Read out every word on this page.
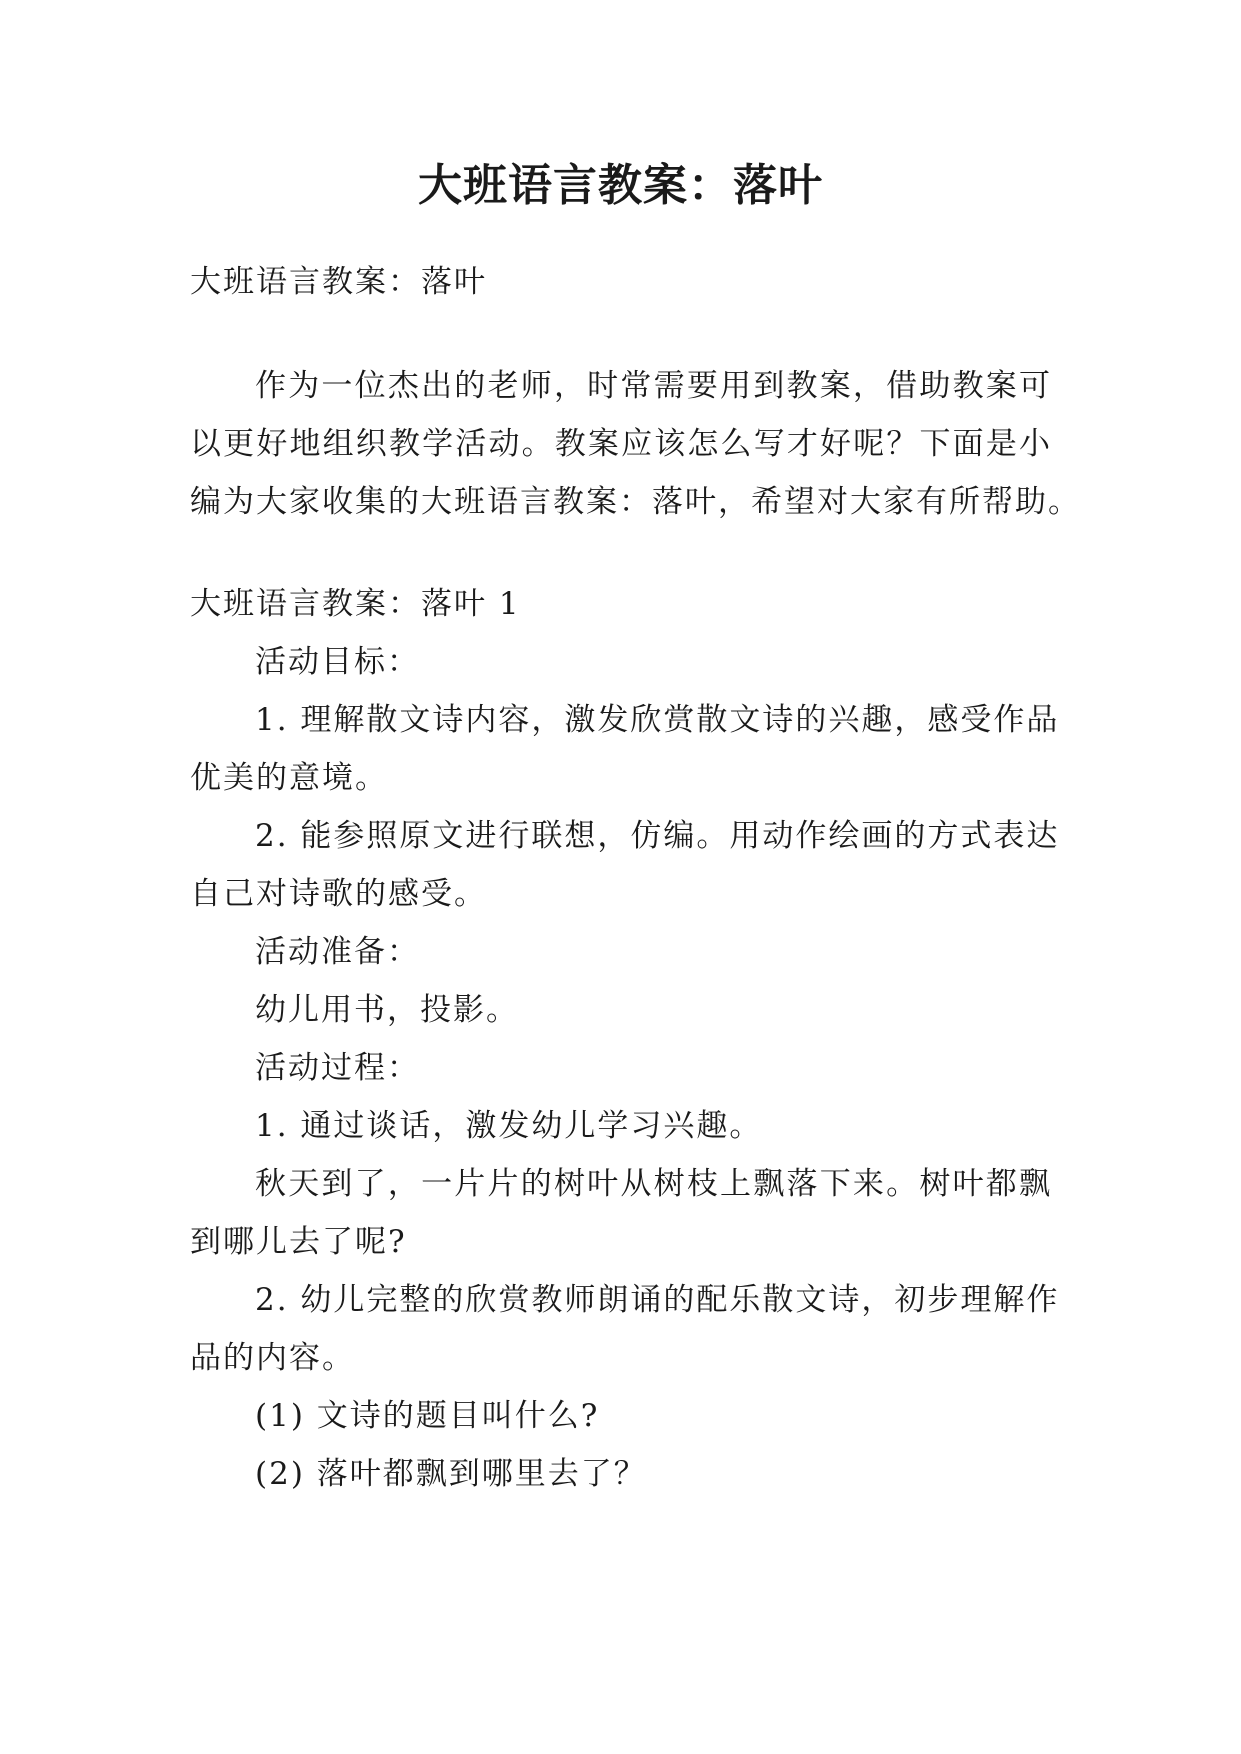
大班语言教案：落叶
大班语言教案：落叶
作为一位杰出的老师，时常需要用到教案，借助教案可
以更好地组织教学活动。教案应该怎么写才好呢？下面是小
编为大家收集的大班语言教案：落叶，希望对大家有所帮助。
大班语言教案：落叶 1
活动目标：
1. 理解散文诗内容，激发欣赏散文诗的兴趣，感受作品
优美的意境。
2. 能参照原文进行联想，仿编。用动作绘画的方式表达
自己对诗歌的感受。
活动准备：
幼儿用书，投影。
活动过程：
1. 通过谈话，激发幼儿学习兴趣。
秋天到了，一片片的树叶从树枝上飘落下来。树叶都飘
到哪儿去了呢?
2. 幼儿完整的欣赏教师朗诵的配乐散文诗，初步理解作
品的内容。
(1) 文诗的题目叫什么?
(2) 落叶都飘到哪里去了？
